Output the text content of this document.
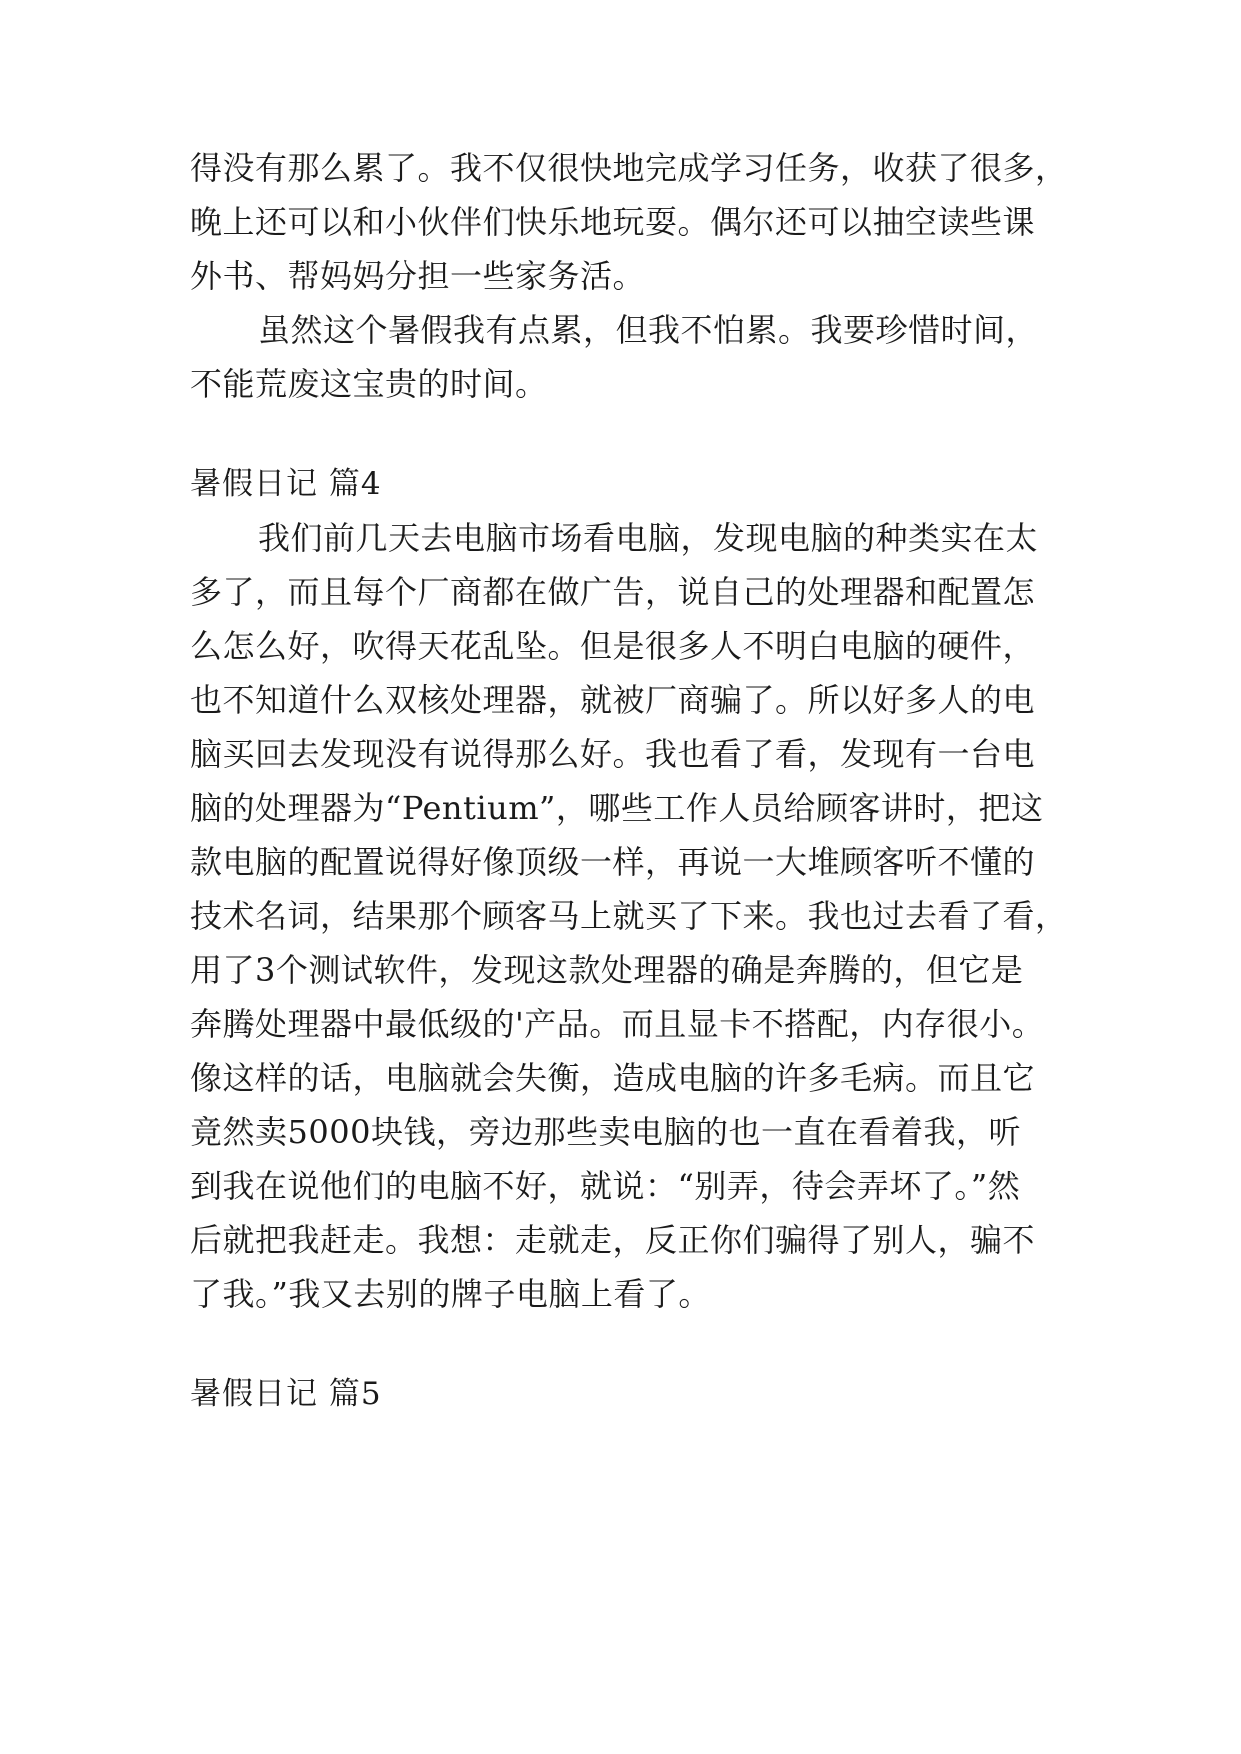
得没有那么累了。我不仅很快地完成学习任务，收获了很多，
晚上还可以和小伙伴们快乐地玩耍。偶尔还可以抽空读些课
外书、帮妈妈分担一些家务活。
虽然这个暑假我有点累，但我不怕累。我要珍惜时间，
不能荒废这宝贵的时间。
暑假日记 篇4
我们前几天去电脑市场看电脑，发现电脑的种类实在太
多了，而且每个厂商都在做广告，说自己的处理器和配置怎
么怎么好，吹得天花乱坠。但是很多人不明白电脑的硬件，
也不知道什么双核处理器，就被厂商骗了。所以好多人的电
脑买回去发现没有说得那么好。我也看了看，发现有一台电
脑的处理器为“Pentium”，哪些工作人员给顾客讲时，把这
款电脑的配置说得好像顶级一样，再说一大堆顾客听不懂的
技术名词，结果那个顾客马上就买了下来。我也过去看了看，
用了3个测试软件，发现这款处理器的确是奔腾的，但它是
奔腾处理器中最低级的'产品。而且显卡不搭配，内存很小。
像这样的话，电脑就会失衡，造成电脑的许多毛病。而且它
竟然卖5000块钱，旁边那些卖电脑的也一直在看着我，听
到我在说他们的电脑不好，就说：“别弄，待会弄坏了。”然
后就把我赶走。我想：走就走，反正你们骗得了别人，骗不
了我。”我又去别的牌子电脑上看了。
暑假日记 篇5
